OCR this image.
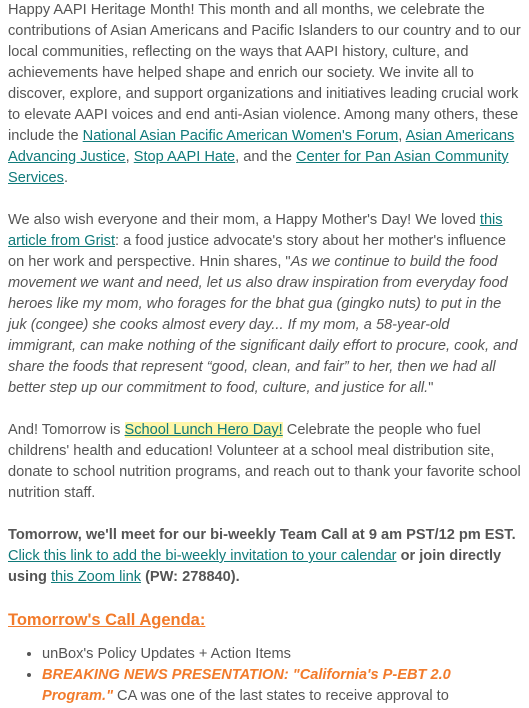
Happy AAPI Heritage Month! This month and all months, we celebrate the contributions of Asian Americans and Pacific Islanders to our country and to our local communities, reflecting on the ways that AAPI history, culture, and achievements have helped shape and enrich our society. We invite all to discover, explore, and support organizations and initiatives leading crucial work to elevate AAPI voices and end anti-Asian violence. Among many others, these include the National Asian Pacific American Women's Forum, Asian Americans Advancing Justice, Stop AAPI Hate, and the Center for Pan Asian Community Services.

We also wish everyone and their mom, a Happy Mother's Day! We loved this article from Grist: a food justice advocate's story about her mother's influence on her work and perspective. Hnin shares, "As we continue to build the food movement we want and need, let us also draw inspiration from everyday food heroes like my mom, who forages for the bhat gua (gingko nuts) to put in the juk (congee) she cooks almost every day... If my mom, a 58-year-old immigrant, can make nothing of the significant daily effort to procure, cook, and share the foods that represent “good, clean, and fair” to her, then we had all better step up our commitment to food, culture, and justice for all."

And! Tomorrow is School Lunch Hero Day! Celebrate the people who fuel childrens' health and education! Volunteer at a school meal distribution site, donate to school nutrition programs, and reach out to thank your favorite school nutrition staff.

Tomorrow, we'll meet for our bi-weekly Team Call at 9 am PST/12 pm EST. Click this link to add the bi-weekly invitation to your calendar or join directly using this Zoom link (PW: 278840).

Tomorrow's Call Agenda:
• unBox's Policy Updates + Action Items
• BREAKING NEWS PRESENTATION: "California's P-EBT 2.0 Program." CA was one of the last states to receive approval to
